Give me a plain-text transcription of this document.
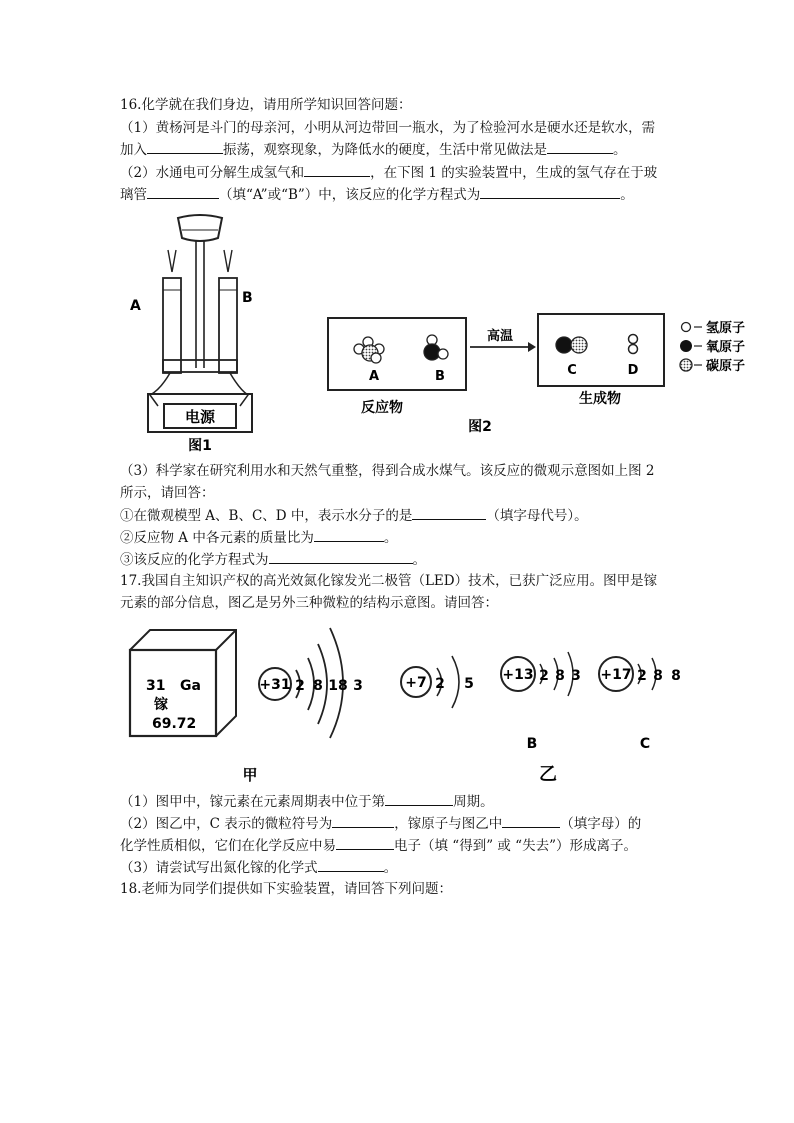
16.化学就在我们身边，请用所学知识回答问题：
（1）黄杨河是斗门的母亲河，小明从河边带回一瓶水，为了检验河水是硬水还是软水，需
加入	振荡，观察现象，为降低水的硬度，生活中常见做法是	。
（2）水通电可分解生成氢气和	，在下图 1 的实验装置中，生成的氢气存在于玻
璃管	（填“A”或“B”）中，该反应的化学方程式为	。
电源
A	B
图1
A	B
反应物
高温
图2
C	D
生成物
氢原子
氧原子
碳原子
（3）科学家在研究利用水和天然气重整，得到合成水煤气。该反应的微观示意图如上图 2
所示，请回答：
①在微观模型 A、B、C、D 中，表示水分子的是	（填字母代号）。
②反应物 A 中各元素的质量比为	。
③该反应的化学方程式为	。
17.我国自主知识产权的高光效氮化镓发光二极管（LED）技术，已获广泛应用。图甲是镓
元素的部分信息，图乙是另外三种微粒的结构示意图。请回答：
31 Ga
镓
69.72
+31 2 8 18 3	+7 2 5
+13 2 8 3
B
+17 2 8 8
C
甲	乙
（1）图甲中，镓元素在元素周期表中位于第	周期。
（2）图乙中，C 表示的微粒符号为	，镓原子与图乙中	（填字母）的
化学性质相似，它们在化学反应中易	电子（填 “得到” 或 “失去”）形成离子。
（3）请尝试写出氮化镓的化学式	。
18.老师为同学们提供如下实验装置，请回答下列问题：
